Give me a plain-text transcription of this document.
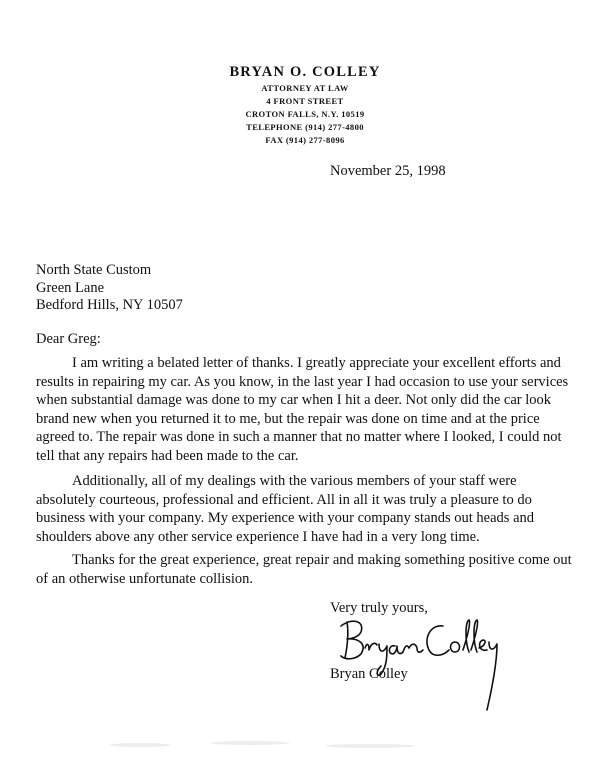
BRYAN O. COLLEY
ATTORNEY AT LAW
4 FRONT STREET
CROTON FALLS, N.Y. 10519
TELEPHONE (914) 277-4800
FAX (914) 277-8096
November 25, 1998
North State Custom
Green Lane
Bedford Hills, NY 10507
Dear Greg:
I am writing a belated letter of thanks. I greatly appreciate your excellent efforts and results in repairing my car. As you know, in the last year I had occasion to use your services when substantial damage was done to my car when I hit a deer. Not only did the car look brand new when you returned it to me, but the repair was done on time and at the price agreed to. The repair was done in such a manner that no matter where I looked, I could not tell that any repairs had been made to the car.
Additionally, all of my dealings with the various members of your staff were absolutely courteous, professional and efficient. All in all it was truly a pleasure to do business with your company. My experience with your company stands out heads and shoulders above any other service experience I have had in a very long time.
Thanks for the great experience, great repair and making something positive come out of an otherwise unfortunate collision.
Very truly yours,
Bryan Colley
